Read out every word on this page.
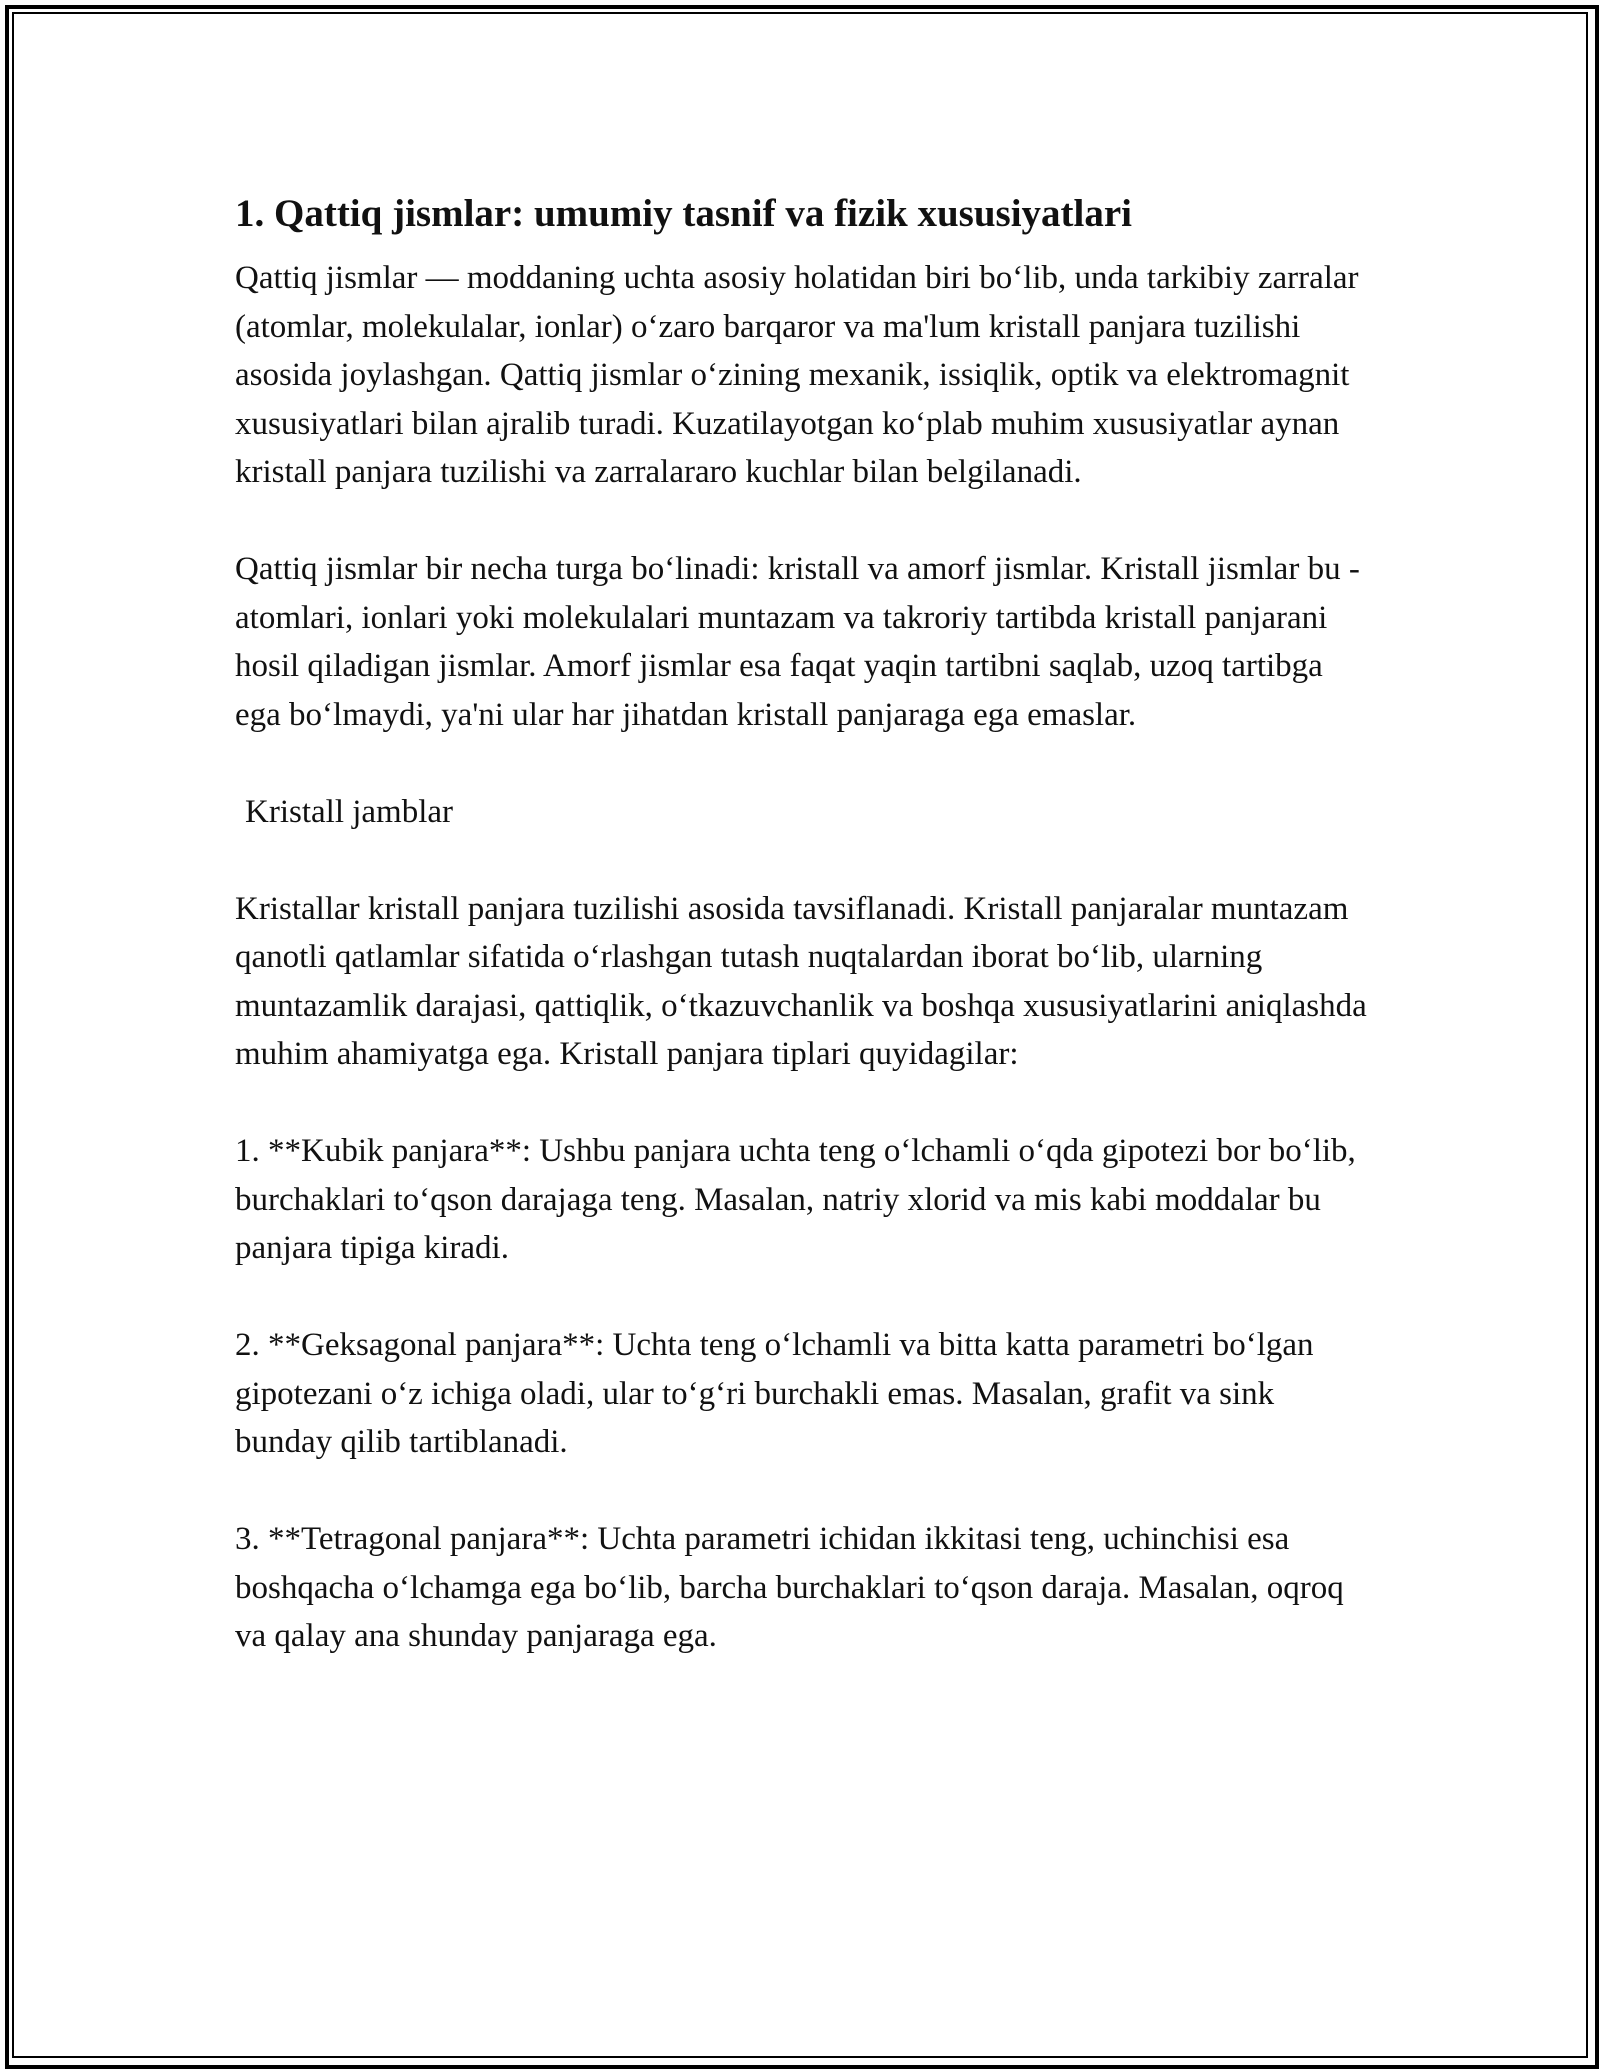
1. Qattiq jismlar: umumiy tasnif va fizik xususiyatlari

Qattiq jismlar — moddaning uchta asosiy holatidan biri bo‘lib, unda tarkibiy zarralar (atomlar, molekulalar, ionlar) o‘zaro barqaror va ma'lum kristall panjara tuzilishi asosida joylashgan. Qattiq jismlar o‘zining mexanik, issiqlik, optik va elektromagnit xususiyatlari bilan ajralib turadi. Kuzatilayotgan ko‘plab muhim xususiyatlar aynan kristall panjara tuzilishi va zarralararo kuchlar bilan belgilanadi.

Qattiq jismlar bir necha turga bo‘linadi: kristall va amorf jismlar. Kristall jismlar bu - atomlari, ionlari yoki molekulalari muntazam va takroriy tartibda kristall panjarani hosil qiladigan jismlar. Amorf jismlar esa faqat yaqin tartibni saqlab, uzoq tartibga ega bo‘lmaydi, ya'ni ular har jihatdan kristall panjaraga ega emaslar.

Kristall jamblar

Kristallar kristall panjara tuzilishi asosida tavsiflanadi. Kristall panjaralar muntazam qanotli qatlamlar sifatida o‘rlashgan tutash nuqtalardan iborat bo‘lib, ularning muntazamlik darajasi, qattiqlik, o‘tkazuvchanlik va boshqa xususiyatlarini aniqlashda muhim ahamiyatga ega. Kristall panjara tiplari quyidagilar:

1. **Kubik panjara**: Ushbu panjara uchta teng o‘lchamli o‘qda gipotezi bor bo‘lib, burchaklari to‘qson darajaga teng. Masalan, natriy xlorid va mis kabi moddalar bu panjara tipiga kiradi.

2. **Geksagonal panjara**: Uchta teng o‘lchamli va bitta katta parametri bo‘lgan gipotezani o‘z ichiga oladi, ular to‘g‘ri burchakli emas. Masalan, grafit va sink bunday qilib tartiblanadi.

3. **Tetragonal panjara**: Uchta parametri ichidan ikkitasi teng, uchinchisi esa boshqacha o‘lchamga ega bo‘lib, barcha burchaklari to‘qson daraja. Masalan, oqroq va qalay ana shunday panjaraga ega.
